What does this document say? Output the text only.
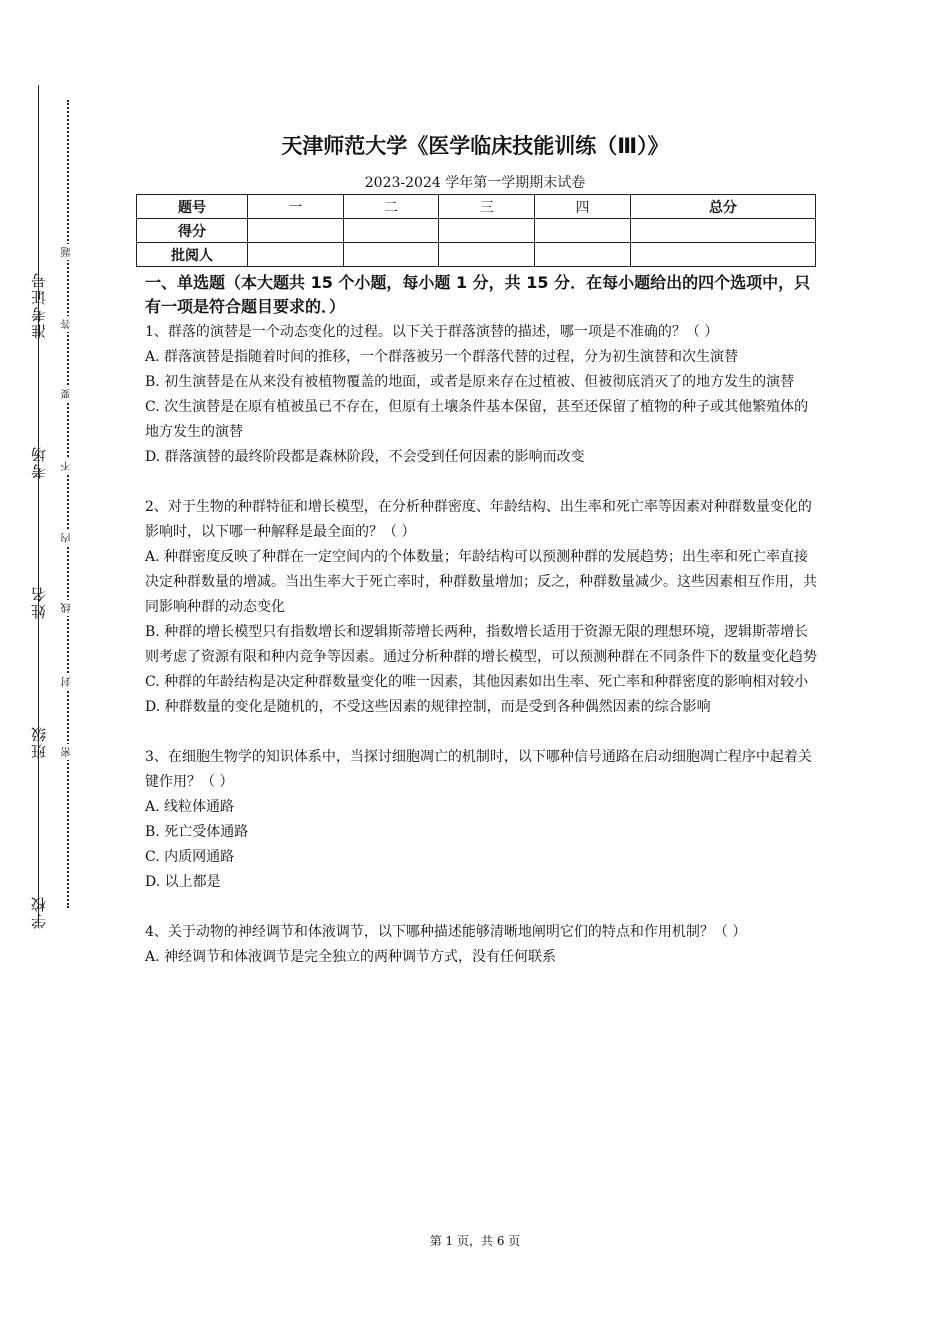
准考证号
考场
姓名
班级
学校
题
答
要
不
内
线
封
密
天津师范大学《医学临床技能训练（Ⅲ）》
2023-2024 学年第一学期期末试卷
题号	一	二	三	四	总分
得分					
批阅人					
一、单选题（本大题共 15 个小题，每小题 1 分，共 15 分．在每小题给出的四个选项中，只有一项是符合题目要求的．）

1、群落的演替是一个动态变化的过程。以下关于群落演替的描述，哪一项是不准确的？（ ）

A. 群落演替是指随着时间的推移，一个群落被另一个群落代替的过程，分为初生演替和次生演替

B. 初生演替是在从来没有被植物覆盖的地面，或者是原来存在过植被、但被彻底消灭了的地方发生的演替

C. 次生演替是在原有植被虽已不存在，但原有土壤条件基本保留，甚至还保留了植物的种子或其他繁殖体的地方发生的演替

D. 群落演替的最终阶段都是森林阶段，不会受到任何因素的影响而改变

2、对于生物的种群特征和增长模型，在分析种群密度、年龄结构、出生率和死亡率等因素对种群数量变化的影响时，以下哪一种解释是最全面的？（ ）

A. 种群密度反映了种群在一定空间内的个体数量；年龄结构可以预测种群的发展趋势；出生率和死亡率直接决定种群数量的增减。当出生率大于死亡率时，种群数量增加；反之，种群数量减少。这些因素相互作用，共同影响种群的动态变化

B. 种群的增长模型只有指数增长和逻辑斯蒂增长两种，指数增长适用于资源无限的理想环境，逻辑斯蒂增长则考虑了资源有限和种内竞争等因素。通过分析种群的增长模型，可以预测种群在不同条件下的数量变化趋势

C. 种群的年龄结构是决定种群数量变化的唯一因素，其他因素如出生率、死亡率和种群密度的影响相对较小

D. 种群数量的变化是随机的，不受这些因素的规律控制，而是受到各种偶然因素的综合影响

3、在细胞生物学的知识体系中，当探讨细胞凋亡的机制时，以下哪种信号通路在启动细胞凋亡程序中起着关键作用？（ ）

A. 线粒体通路

B. 死亡受体通路

C. 内质网通路

D. 以上都是

4、关于动物的神经调节和体液调节，以下哪种描述能够清晰地阐明它们的特点和作用机制？（ ）

A. 神经调节和体液调节是完全独立的两种调节方式，没有任何联系

第 1 页，共 6 页
